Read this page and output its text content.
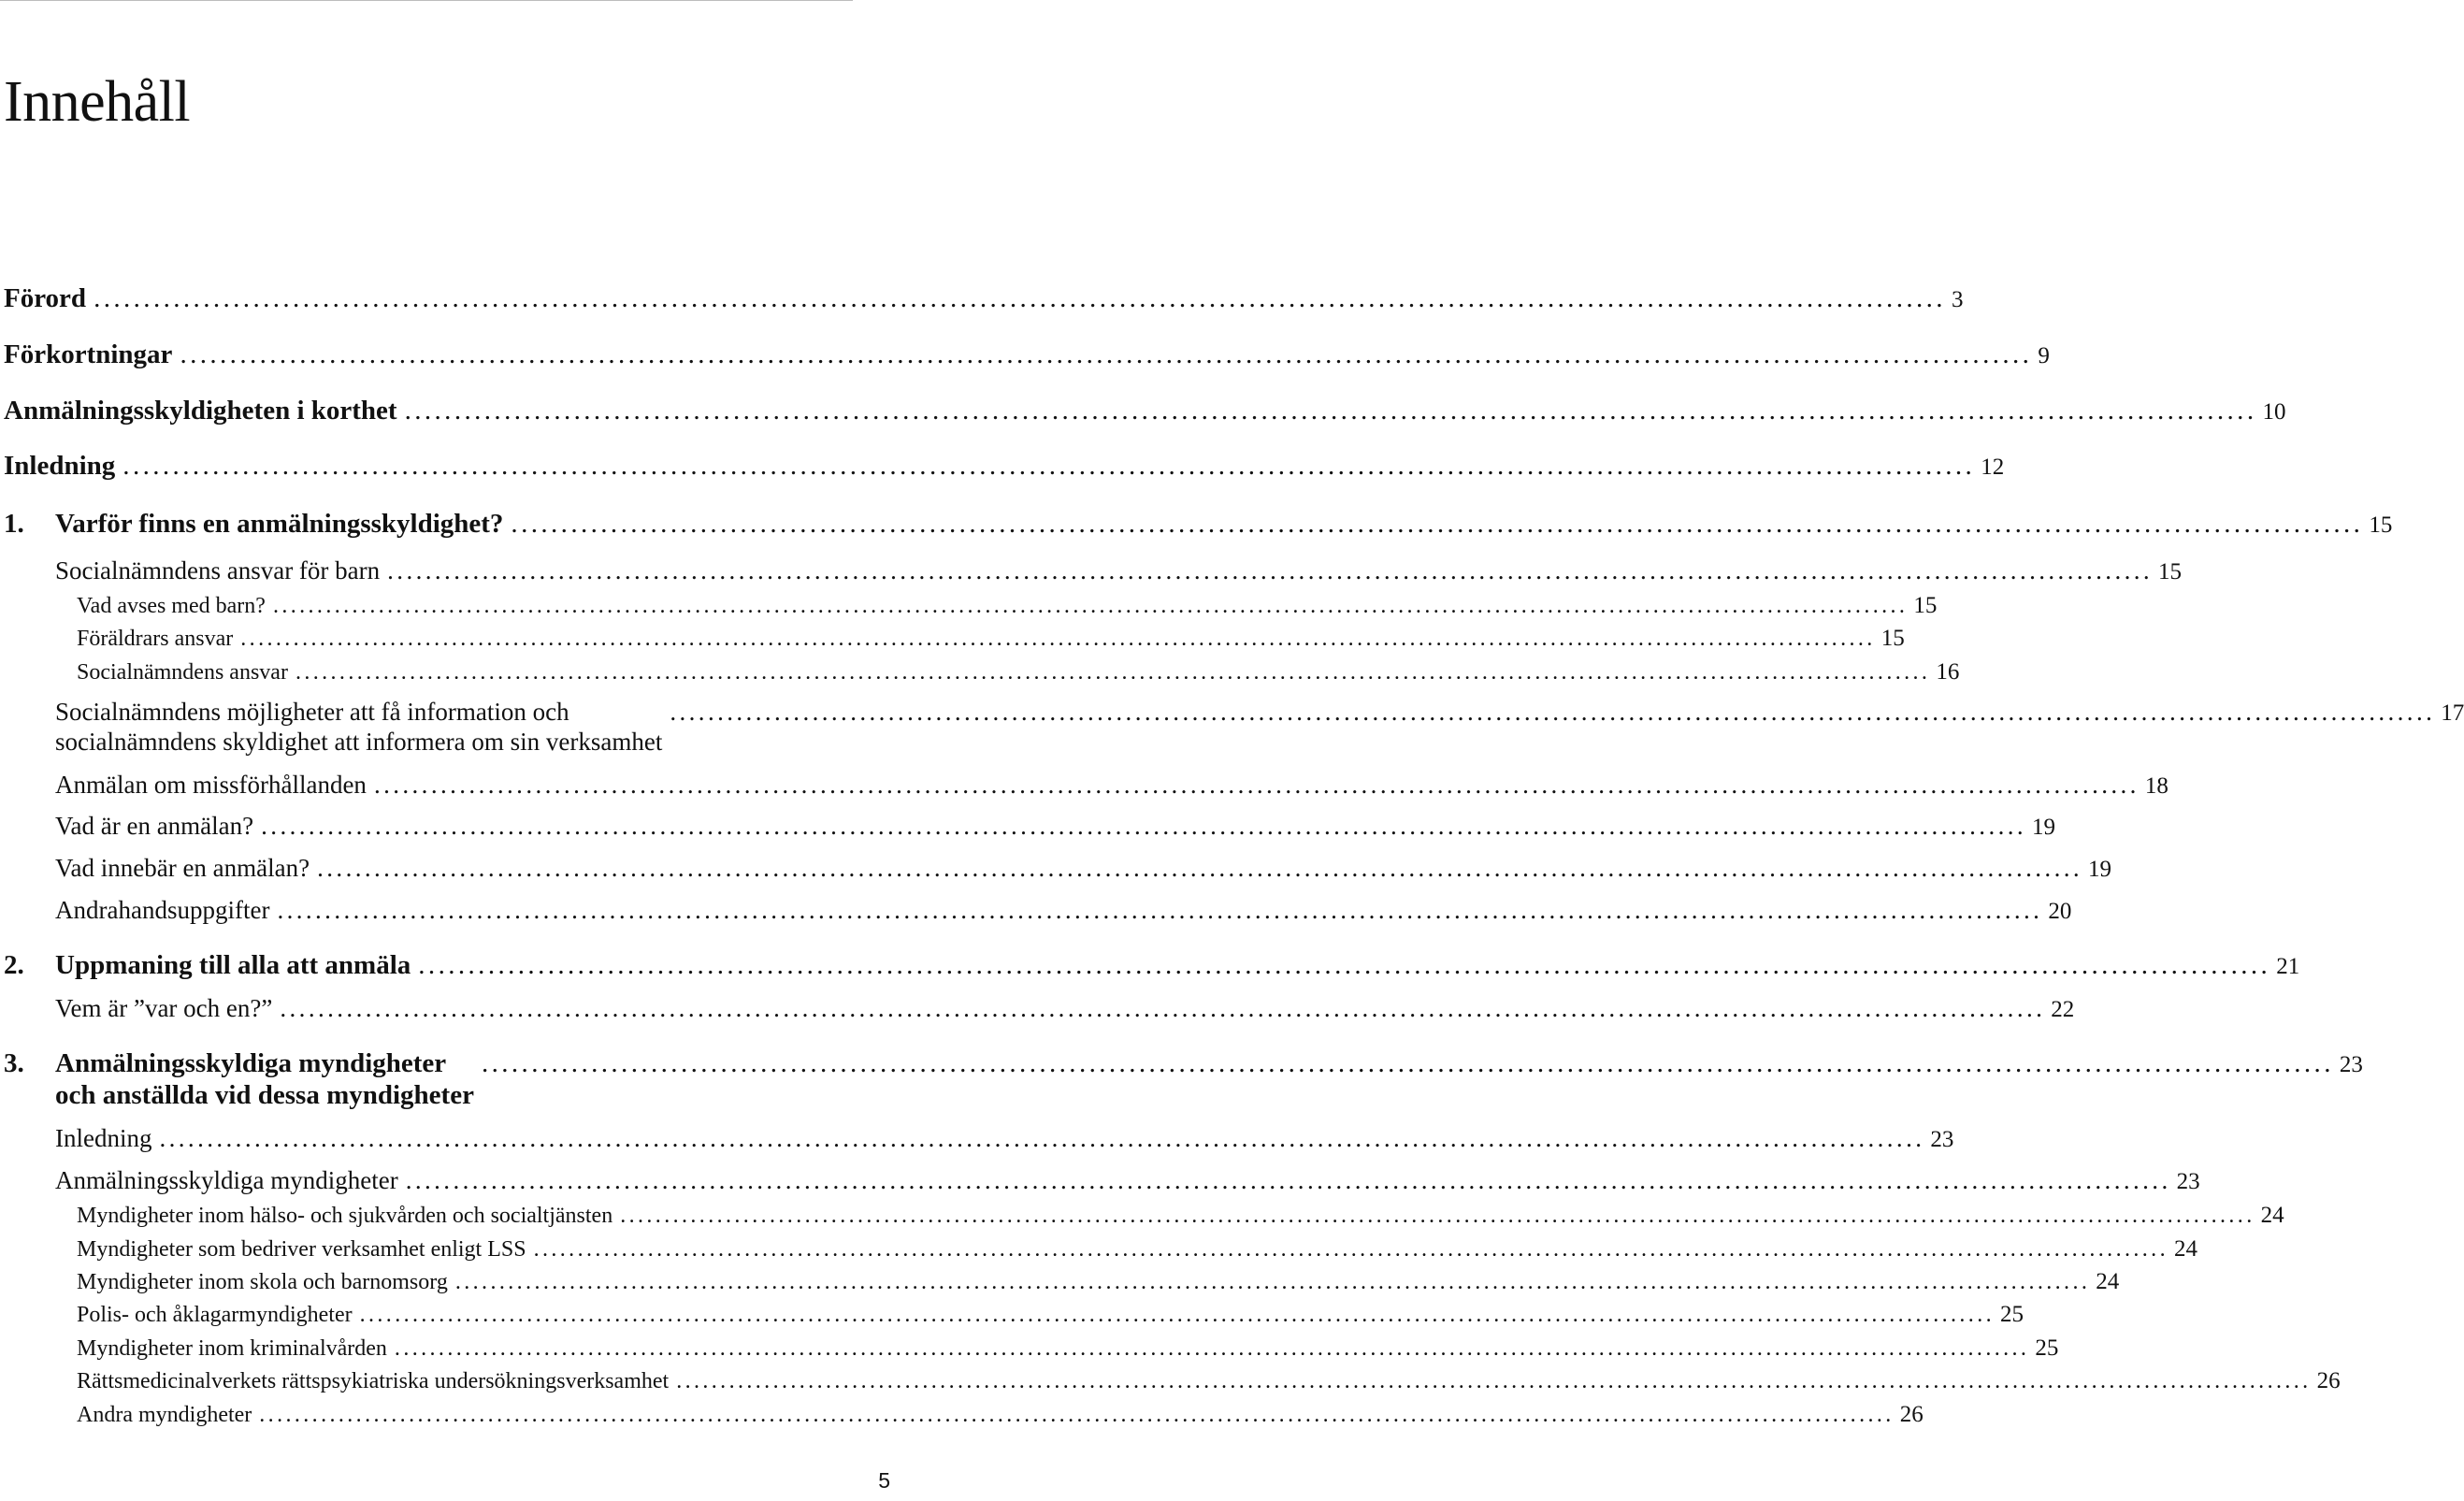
Innehåll
Förord .......................................................................................................................................................................................... 3
Förkortningar .......................................................................................................................................................................................... 9
Anmälningsskyldigheten i korthet .......................................................................................................................................................................................... 10
Inledning .......................................................................................................................................................................................... 12
1. Varför finns en anmälningsskyldighet? .......................................................................................................................................................................................... 15
Socialnämndens ansvar för barn .......................................................................................................................................................................................... 15
Vad avses med barn? .......................................................................................................................................................................................... 15
Föräldrars ansvar .......................................................................................................................................................................................... 15
Socialnämndens ansvar .......................................................................................................................................................................................... 16
Socialnämndens möjligheter att få information och
socialnämndens skyldighet att informera om sin verksamhet
.......................................................................................................................................................................................... 17
Anmälan om missförhållanden .......................................................................................................................................................................................... 18
Vad är en anmälan? .......................................................................................................................................................................................... 19
Vad innebär en anmälan? .......................................................................................................................................................................................... 19
Andrahandsuppgifter .......................................................................................................................................................................................... 20
2. Uppmaning till alla att anmäla .......................................................................................................................................................................................... 21
Vem är ”var och en?” .......................................................................................................................................................................................... 22
Anmälningsskyldiga myndigheter
3.
och anställda vid dessa myndigheter
.......................................................................................................................................................................................... 23
Inledning .......................................................................................................................................................................................... 23
Anmälningsskyldiga myndigheter .......................................................................................................................................................................................... 23
Myndigheter inom hälso- och sjukvården och socialtjänsten .......................................................................................................................................................................................... 24
Myndigheter som bedriver verksamhet enligt LSS .......................................................................................................................................................................................... 24
Myndigheter inom skola och barnomsorg .......................................................................................................................................................................................... 24
Polis- och åklagarmyndigheter .......................................................................................................................................................................................... 25
Myndigheter inom kriminalvården .......................................................................................................................................................................................... 25
Rättsmedicinalverkets rättspsykiatriska undersökningsverksamhet .......................................................................................................................................................................................... 26
Andra myndigheter .......................................................................................................................................................................................... 26
5
